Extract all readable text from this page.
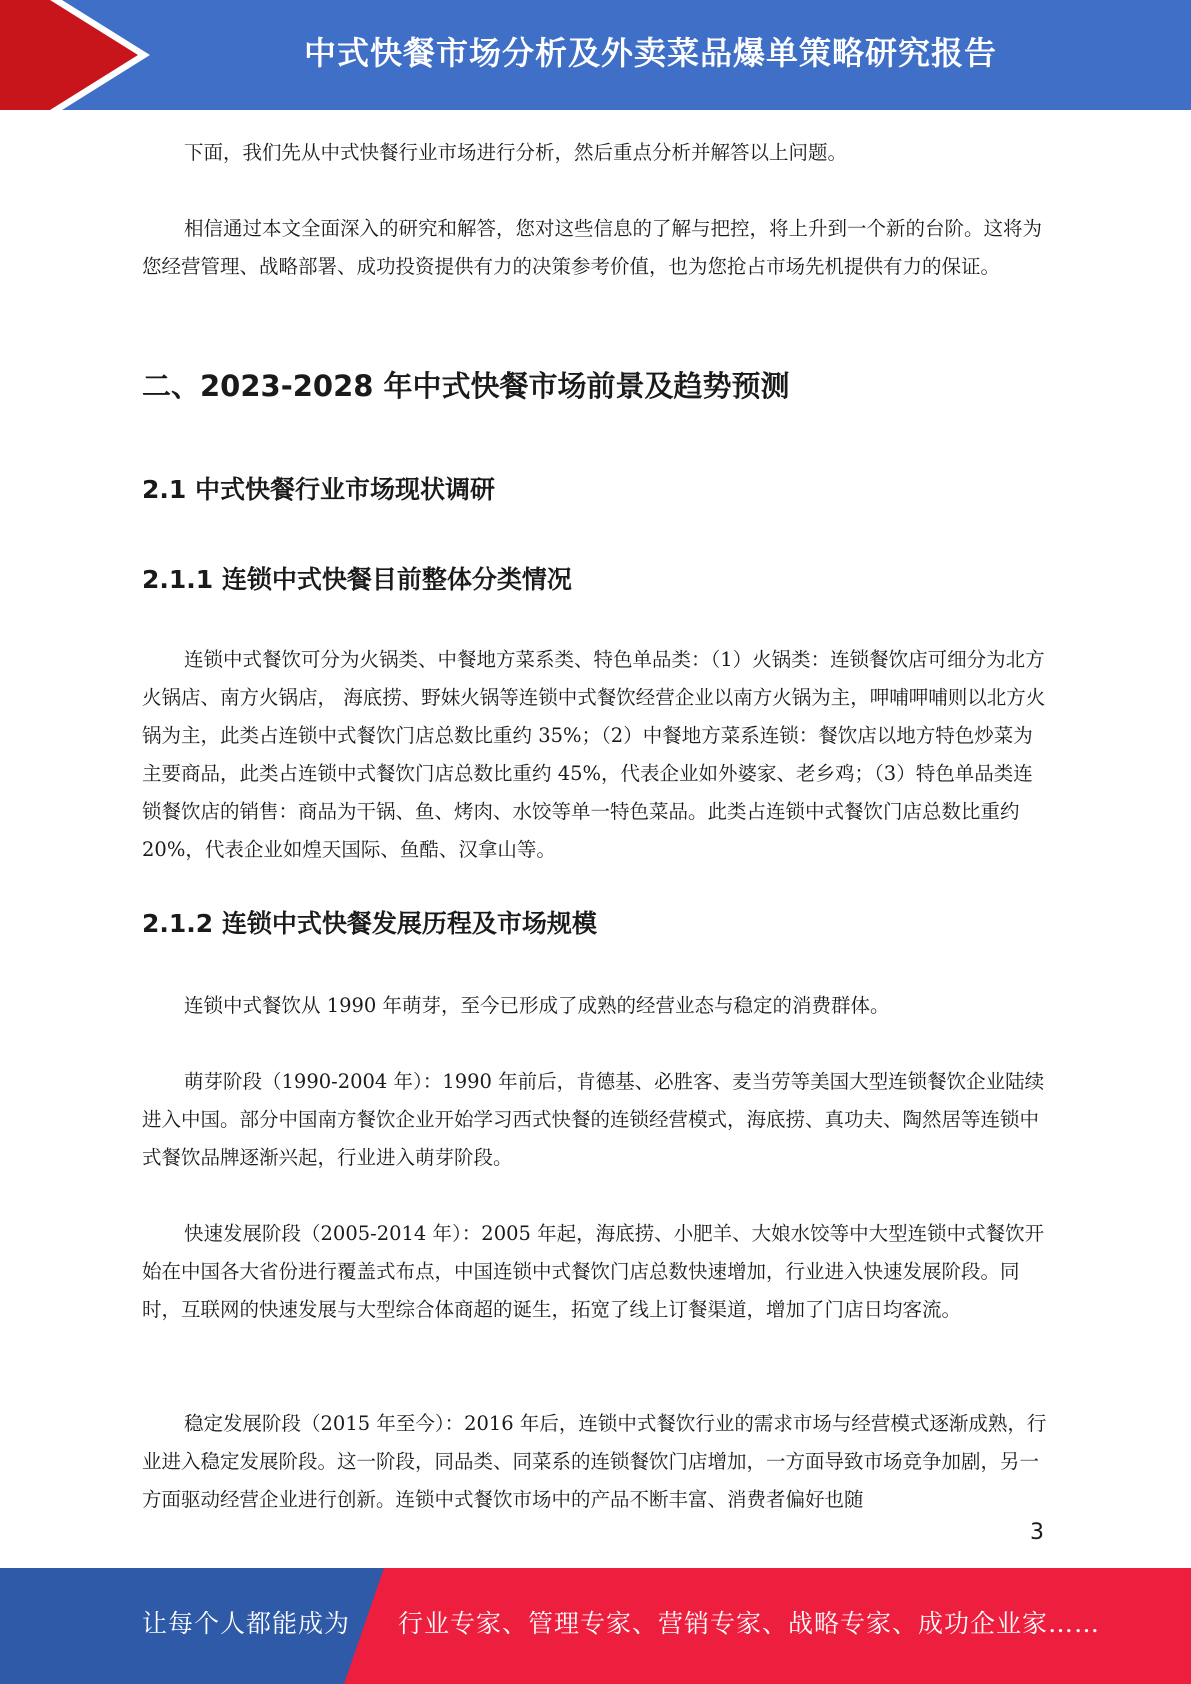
中式快餐市场分析及外卖菜品爆单策略研究报告

下面，我们先从中式快餐行业市场进行分析，然后重点分析并解答以上问题。

相信通过本文全面深入的研究和解答，您对这些信息的了解与把控，将上升到一个新的台阶。这将为您经营管理、战略部署、成功投资提供有力的决策参考价值，也为您抢占市场先机提供有力的保证。

二、2023-2028 年中式快餐市场前景及趋势预测
2.1 中式快餐行业市场现状调研
2.1.1 连锁中式快餐目前整体分类情况

连锁中式餐饮可分为火锅类、中餐地方菜系类、特色单品类：（1）火锅类：连锁餐饮店可细分为北方火锅店、南方火锅店， 海底捞、野妹火锅等连锁中式餐饮经营企业以南方火锅为主，呷哺呷哺则以北方火锅为主，此类占连锁中式餐饮门店总数比重约 35%；（2）中餐地方菜系连锁：餐饮店以地方特色炒菜为主要商品，此类占连锁中式餐饮门店总数比重约 45%，代表企业如外婆家、老乡鸡；（3）特色单品类连锁餐饮店的销售：商品为干锅、鱼、烤肉、水饺等单一特色菜品。此类占连锁中式餐饮门店总数比重约 20%，代表企业如煌天国际、鱼酷、汉拿山等。

2.1.2 连锁中式快餐发展历程及市场规模

连锁中式餐饮从 1990 年萌芽，至今已形成了成熟的经营业态与稳定的消费群体。

萌芽阶段（1990-2004 年）：1990 年前后，肯德基、必胜客、麦当劳等美国大型连锁餐饮企业陆续进入中国。部分中国南方餐饮企业开始学习西式快餐的连锁经营模式，海底捞、真功夫、陶然居等连锁中式餐饮品牌逐渐兴起，行业进入萌芽阶段。

快速发展阶段（2005-2014 年）：2005 年起，海底捞、小肥羊、大娘水饺等中大型连锁中式餐饮开始在中国各大省份进行覆盖式布点，中国连锁中式餐饮门店总数快速增加，行业进入快速发展阶段。同时，互联网的快速发展与大型综合体商超的诞生，拓宽了线上订餐渠道，增加了门店日均客流。

稳定发展阶段（2015 年至今）：2016 年后，连锁中式餐饮行业的需求市场与经营模式逐渐成熟，行业进入稳定发展阶段。这一阶段，同品类、同菜系的连锁餐饮门店增加，一方面导致市场竞争加剧，另一方面驱动经营企业进行创新。连锁中式餐饮市场中的产品不断丰富、消费者偏好也随

3
让每个人都能成为 行业专家、管理专家、营销专家、战略专家、成功企业家……
